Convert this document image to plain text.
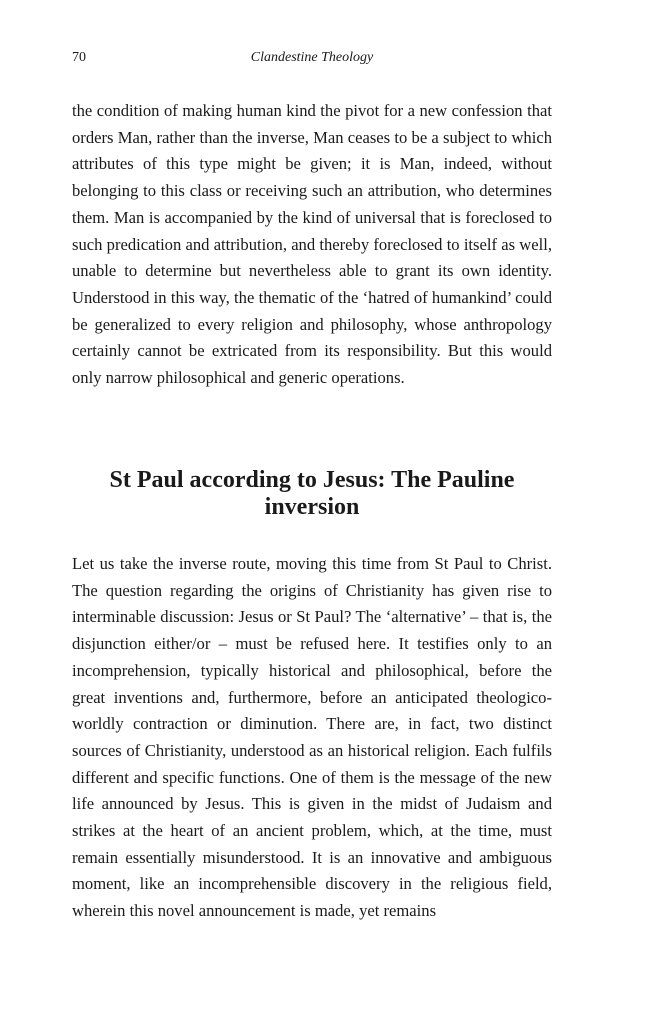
70	Clandestine Theology

the condition of making human kind the pivot for a new confession that orders Man, rather than the inverse, Man ceases to be a subject to which attributes of this type might be given; it is Man, indeed, without belonging to this class or receiving such an attribution, who determines them. Man is accompanied by the kind of universal that is foreclosed to such predication and attribution, and thereby foreclosed to itself as well, unable to determine but nevertheless able to grant its own identity. Understood in this way, the thematic of the ‘hatred of humankind’ could be generalized to every religion and philosophy, whose anthropology certainly cannot be extricated from its responsibility. But this would only narrow philosophical and generic operations.

St Paul according to Jesus: The Pauline inversion

Let us take the inverse route, moving this time from St Paul to Christ. The question regarding the origins of Christianity has given rise to interminable discussion: Jesus or St Paul? The ‘alternative’ – that is, the disjunction either/or – must be refused here. It testifies only to an incomprehension, typically historical and philosophical, before the great inventions and, furthermore, before an anticipated theologico-worldly contraction or diminution. There are, in fact, two distinct sources of Christianity, understood as an historical religion. Each fulfils different and specific functions. One of them is the message of the new life announced by Jesus. This is given in the midst of Judaism and strikes at the heart of an ancient problem, which, at the time, must remain essentially misunderstood. It is an innovative and ambiguous moment, like an incomprehensible discovery in the religious field, wherein this novel announcement is made, yet remains
